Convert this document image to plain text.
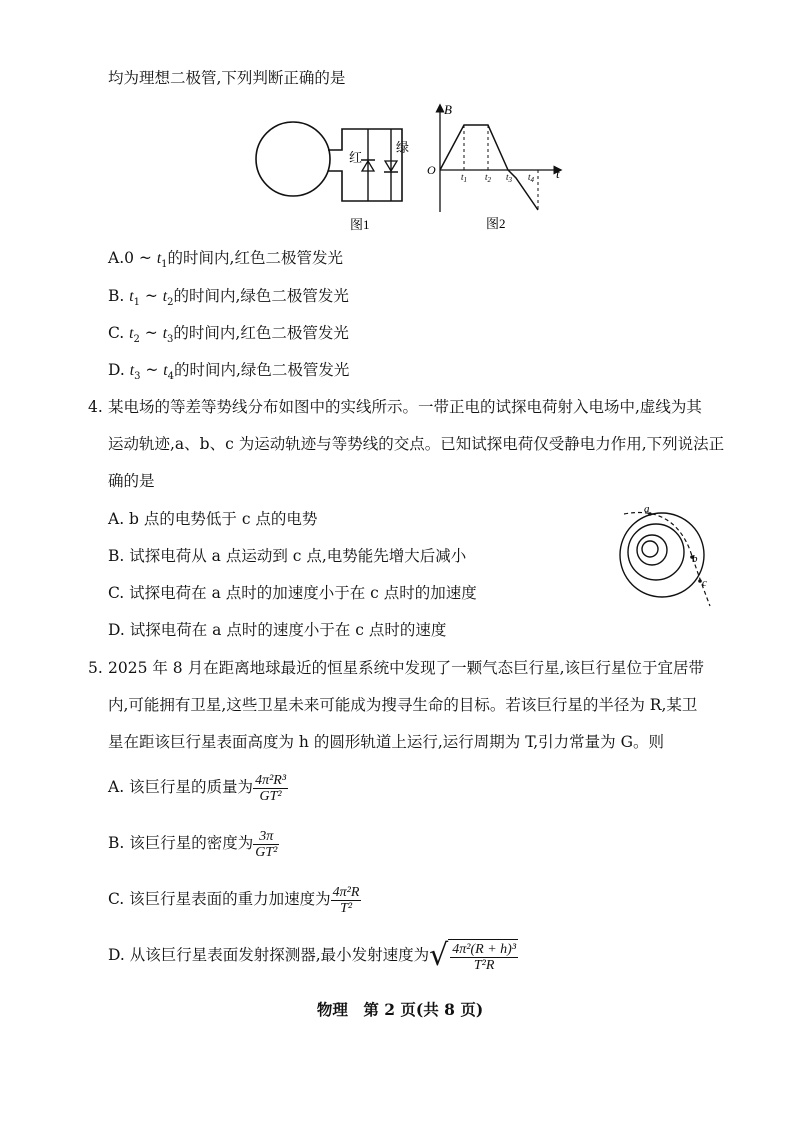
均为理想二极管,下列判断正确的是
红
绿
图1
B
t
O	$t_1$ $t_2$ $t_3$ $t_4$
图2
A.0 ~ $t_1$的时间内,红色二极管发光
B. $t_1$ ~ $t_2$的时间内,绿色二极管发光
C. $t_2$ ~ $t_3$的时间内,红色二极管发光
D. $t_3$ ~ $t_4$的时间内,绿色二极管发光
4. 某电场的等差等势线分布如图中的实线所示。一带正电的试探电荷射入电场中,虚线为其
运动轨迹,a、b、c 为运动轨迹与等势线的交点。已知试探电荷仅受静电力作用,下列说法正
确的是
A. b 点的电势低于 c 点的电势
B. 试探电荷从 a 点运动到 c 点,电势能先增大后减小
C. 试探电荷在 a 点时的加速度小于在 c 点时的加速度
D. 试探电荷在 a 点时的速度小于在 c 点时的速度
a
b
c
5. 2025 年 8 月在距离地球最近的恒星系统中发现了一颗气态巨行星,该巨行星位于宜居带
内,可能拥有卫星,这些卫星未来可能成为搜寻生命的目标。若该巨行星的半径为 R,某卫
星在距该巨行星表面高度为 h 的圆形轨道上运行,运行周期为 T,引力常量为 G。则
A. 该巨行星的质量为 $\frac{\text{4π²R³}}{\text{GT²}}$
B. 该巨行星的密度为 $\frac{3\pi}{\text{GT²}}$
C. 该巨行星表面的重力加速度为 $\frac{\text{4π²R}}{\text{T²}}$
D. 从该巨行星表面发射探测器,最小发射速度为 √ $\frac{\text{4π²(R + h)³}}{\text{T²R}}$
物理　第 2 页(共 8 页)
